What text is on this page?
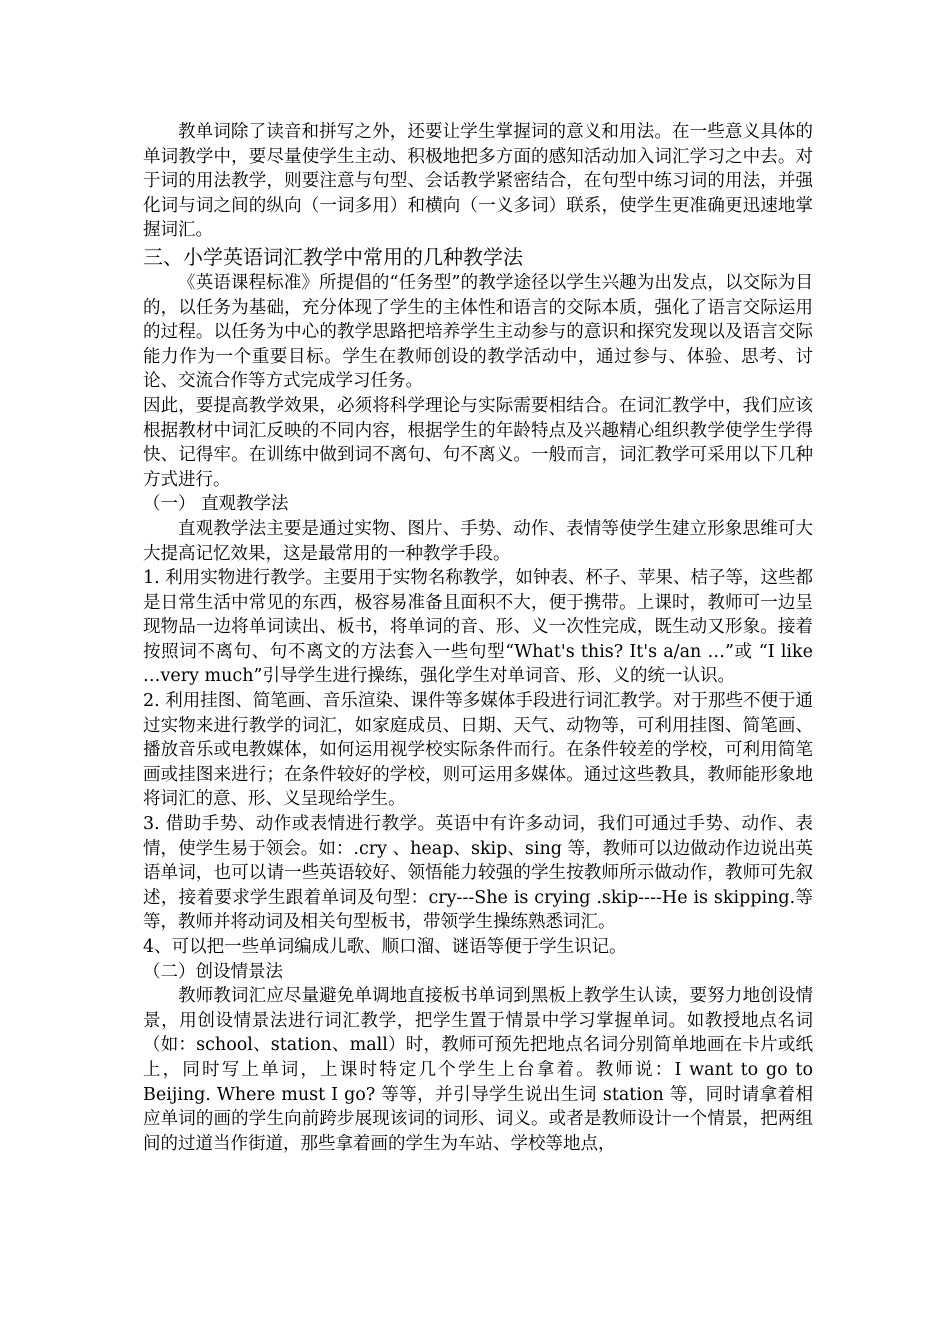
教单词除了读音和拼写之外，还要让学生掌握词的意义和用法。在一些意义具体的单词教学中，要尽量使学生主动、积极地把多方面的感知活动加入词汇学习之中去。对于词的用法教学，则要注意与句型、会话教学紧密结合，在句型中练习词的用法，并强化词与词之间的纵向（一词多用）和横向（一义多词）联系，使学生更准确更迅速地掌握词汇。

三、小学英语词汇教学中常用的几种教学法

《英语课程标准》所提倡的“任务型”的教学途径以学生兴趣为出发点，以交际为目的，以任务为基础，充分体现了学生的主体性和语言的交际本质，强化了语言交际运用的过程。以任务为中心的教学思路把培养学生主动参与的意识和探究发现以及语言交际能力作为一个重要目标。学生在教师创设的教学活动中，通过参与、体验、思考、讨论、交流合作等方式完成学习任务。

因此，要提高教学效果，必须将科学理论与实际需要相结合。在词汇教学中，我们应该根据教材中词汇反映的不同内容，根据学生的年龄特点及兴趣精心组织教学使学生学得快、记得牢。在训练中做到词不离句、句不离义。一般而言，词汇教学可采用以下几种方式进行。

（一） 直观教学法

直观教学法主要是通过实物、图片、手势、动作、表情等使学生建立形象思维可大大提高记忆效果，这是最常用的一种教学手段。

1. 利用实物进行教学。主要用于实物名称教学，如钟表、杯子、苹果、桔子等，这些都是日常生活中常见的东西，极容易准备且面积不大，便于携带。上课时，教师可一边呈现物品一边将单词读出、板书，将单词的音、形、义一次性完成，既生动又形象。接着按照词不离句、句不离文的方法套入一些句型“What's this? It's a/an …”或 “I like …very much”引导学生进行操练，强化学生对单词音、形、义的统一认识。

2. 利用挂图、简笔画、音乐渲染、课件等多媒体手段进行词汇教学。对于那些不便于通过实物来进行教学的词汇，如家庭成员、日期、天气、动物等，可利用挂图、简笔画、播放音乐或电教媒体，如何运用视学校实际条件而行。在条件较差的学校，可利用简笔画或挂图来进行；在条件较好的学校，则可运用多媒体。通过这些教具，教师能形象地将词汇的意、形、义呈现给学生。

3. 借助手势、动作或表情进行教学。英语中有许多动词，我们可通过手势、动作、表情，使学生易于领会。如：.cry 、heap、skip、sing 等，教师可以边做动作边说出英语单词，也可以请一些英语较好、领悟能力较强的学生按教师所示做动作，教师可先叙述，接着要求学生跟着单词及句型：cry---She is crying .skip----He is skipping.等等，教师并将动词及相关句型板书，带领学生操练熟悉词汇。

4、可以把一些单词编成儿歌、顺口溜、谜语等便于学生识记。

（二）创设情景法

教师教词汇应尽量避免单调地直接板书单词到黑板上教学生认读，要努力地创设情景，用创设情景法进行词汇教学，把学生置于情景中学习掌握单词。如教授地点名词（如：school、station、mall）时，教师可预先把地点名词分别简单地画在卡片或纸上，同时写上单词，上课时特定几个学生上台拿着。教师说：I want to go to Beijing. Where must I go? 等等，并引导学生说出生词 station 等，同时请拿着相应单词的画的学生向前跨步展现该词的词形、词义。或者是教师设计一个情景，把两组间的过道当作街道，那些拿着画的学生为车站、学校等地点，
